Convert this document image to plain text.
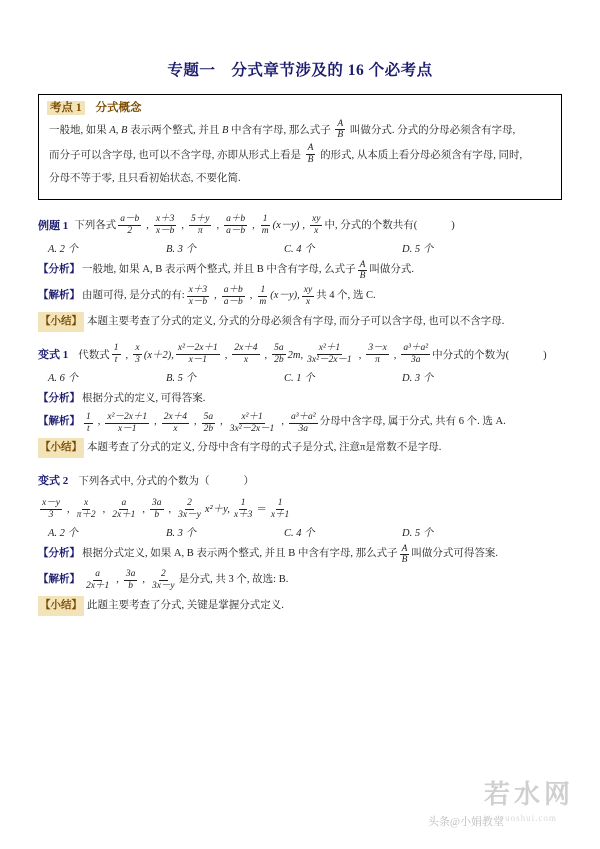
专题一　分式章节涉及的 16 个必考点
考点 1 分式概念
一般地, 如果 A, B 表示两个整式, 并且 B 中含有字母, 那么式子 $\frac{A}{B}$ 叫做分式. 分式的分母必须含有字母,
而分子可以含字母, 也可以不含字母, 亦即从形式上看是 $\frac{A}{B}$ 的形式, 从本质上看分母必须含有字母, 同时,
分母不等于零, 且只看初始状态, 不要化简.
例题 1 下列各式 $\frac{a-b}{2}$ , $\frac{x+3}{x-b}$ , $\frac{5+y}{\pi}$ , $\frac{a+b}{a-b}$ , $\frac{1}{m} (x-y)$ , $\frac{xy}{x}$ 中, 分式的个数共有(	)
A. 2 个	B. 3 个	C. 4 个	D. 5 个
【分析】 一般地, 如果 A, B 表示两个整式, 并且 B 中含有字母, 么式子 $\frac{A}{B}$ 叫做分式.
【解析】 由题可得, 是分式的有: $\frac{x+3}{x-b}$ , $\frac{a+b}{a-b}$ , $\frac{1}{m} (x-y)$, $\frac{xy}{x}$ 共 4 个, 选 C.
【小结】 本题主要考查了分式的定义, 分式的分母必须含有字母, 而分子可以含字母, 也可以不含字母.
变式 1 代数式 $\frac{1}{t}$ , $\frac{x}{3} (x+2)$, $\frac{\text{x²－2x＋1}}{x-1}$ , $\frac{2x+4}{x}$ , $\frac{5a}{2b} 2m$, $\frac{\text{x²＋1}}{\text{3x²－2x－1}}$ , $\frac{3-x}{\pi}$ , $\frac{\text{a³＋a²}}{3a}$ 中分式的个数为(	)
A. 6 个	B. 5 个	C. 1 个	D. 3 个
【分析】 根据分式的定义, 可得答案.
【解析】 $\frac{1}{t}$ , $\frac{\text{x²－2x＋1}}{x-1}$ , $\frac{2x+4}{x}$ , $\frac{5a}{2b}$ , $\frac{\text{x²＋1}}{\text{3x²－2x－1}}$ , $\frac{\text{a³＋a²}}{3a}$ 分母中含字母, 属于分式, 共有 6 个. 选 A.
【小结】 本题考查了分式的定义, 分母中含有字母的式子是分式, 注意π是常数不是字母.
变式 2 下列各式中, 分式的个数为（	）
$\frac{x-y}{3}$ , $\frac{x}{\pi+2}$ , $\frac{a}{2x+1}$ , $\frac{3a}{b}$ , $\frac{2}{3x-y} x^2+y$, $\frac{1}{x+3} = \frac{1}{x+1}$
A. 2 个	B. 3 个	C. 4 个	D. 5 个
【分析】 根据分式定义, 如果 A, B 表示两个整式, 并且 B 中含有字母, 那么式子 $\frac{A}{B}$ 叫做分式可得答案.
【解析】 $\frac{a}{2x+1}$ , $\frac{3a}{b}$ , $\frac{2}{3x-y}$ 是分式, 共 3 个, 故选: B.
【小结】 此题主要考查了分式, 关键是掌握分式定义.
头条@小娟教堂
若水网
ruoshui.com
